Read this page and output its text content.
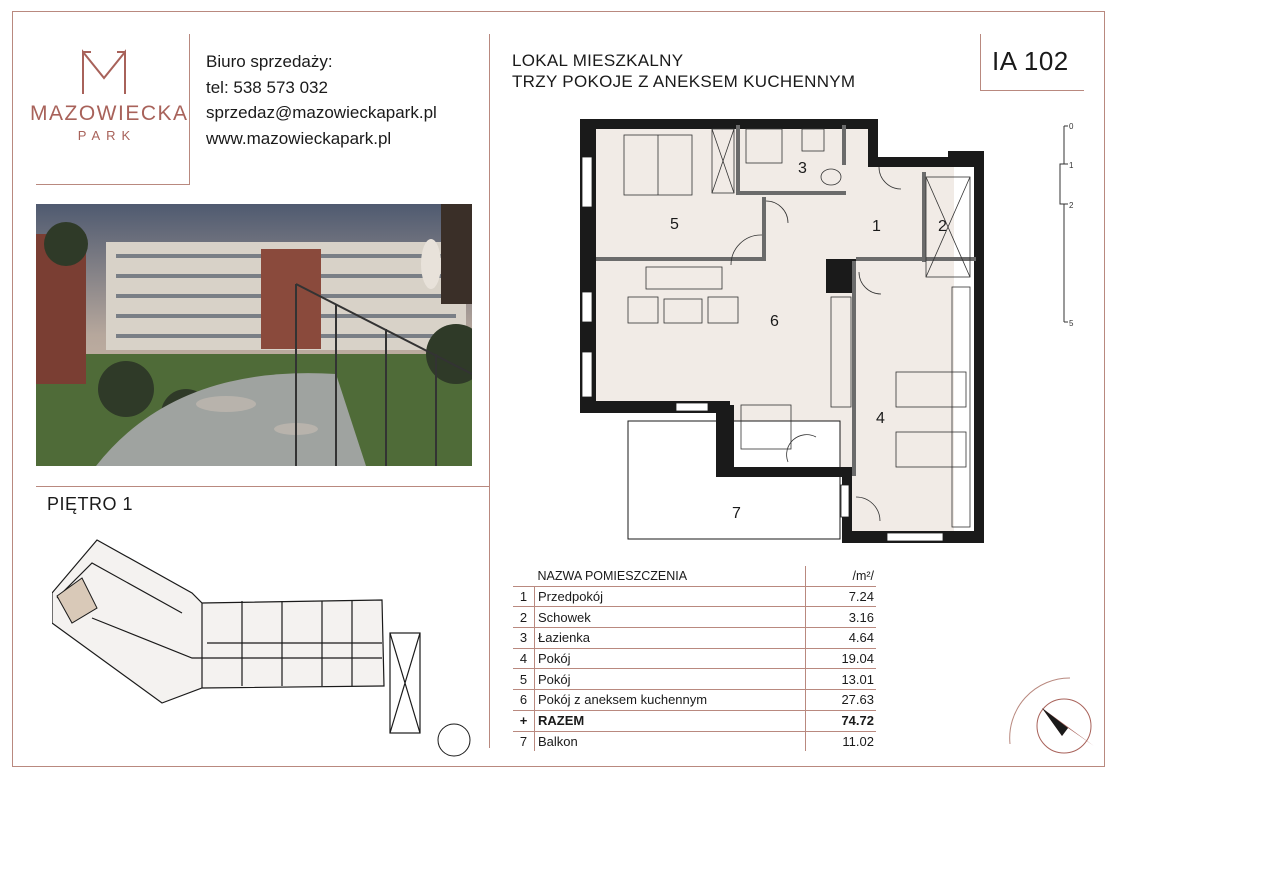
MAZOWIECKA
PARK
Biuro sprzedaży:
tel: 538 573 032
sprzedaz@mazowieckapark.pl
www.mazowieckapark.pl
PIĘTRO 1
LOKAL MIESZKALNY
TRZY POKOJE Z ANEKSEM KUCHENNYM
IA 102
1	2
3
4
5
6
7
0
1
2
5
	NAZWA POMIESZCZENIA	/m²/
1	Przedpokój	7.24
2	Schowek	3.16
3	Łazienka	4.64
4	Pokój	19.04
5	Pokój	13.01
6	Pokój z aneksem kuchennym	27.63
+	RAZEM	74.72
7	Balkon	11.02
